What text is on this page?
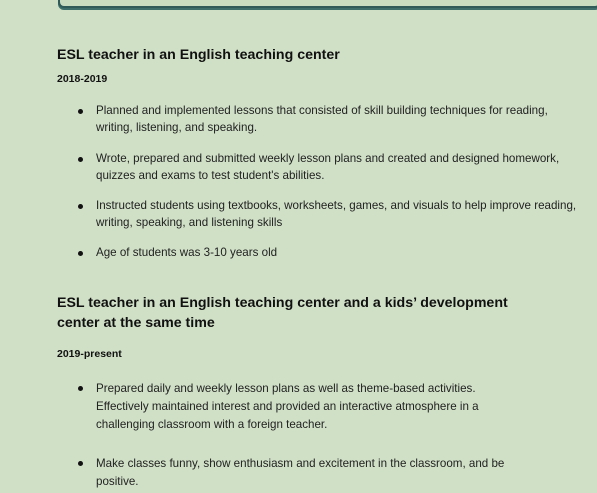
ESL teacher in an English teaching center

2018-2019

Planned and implemented lessons that consisted of skill building techniques for reading, writing, listening, and speaking.
Wrote, prepared and submitted weekly lesson plans and created and designed homework, quizzes and exams to test student's abilities.
Instructed students using textbooks, worksheets, games, and visuals to help improve reading, writing, speaking, and listening skills
Age of students was 3-10 years old
ESL teacher in an English teaching center and a kids’ development center at the same time

2019-present

Prepared daily and weekly lesson plans as well as theme-based activities. Effectively maintained interest and provided an interactive atmosphere in a challenging classroom with a foreign teacher.
Make classes funny, show enthusiasm and excitement in the classroom, and be positive.
